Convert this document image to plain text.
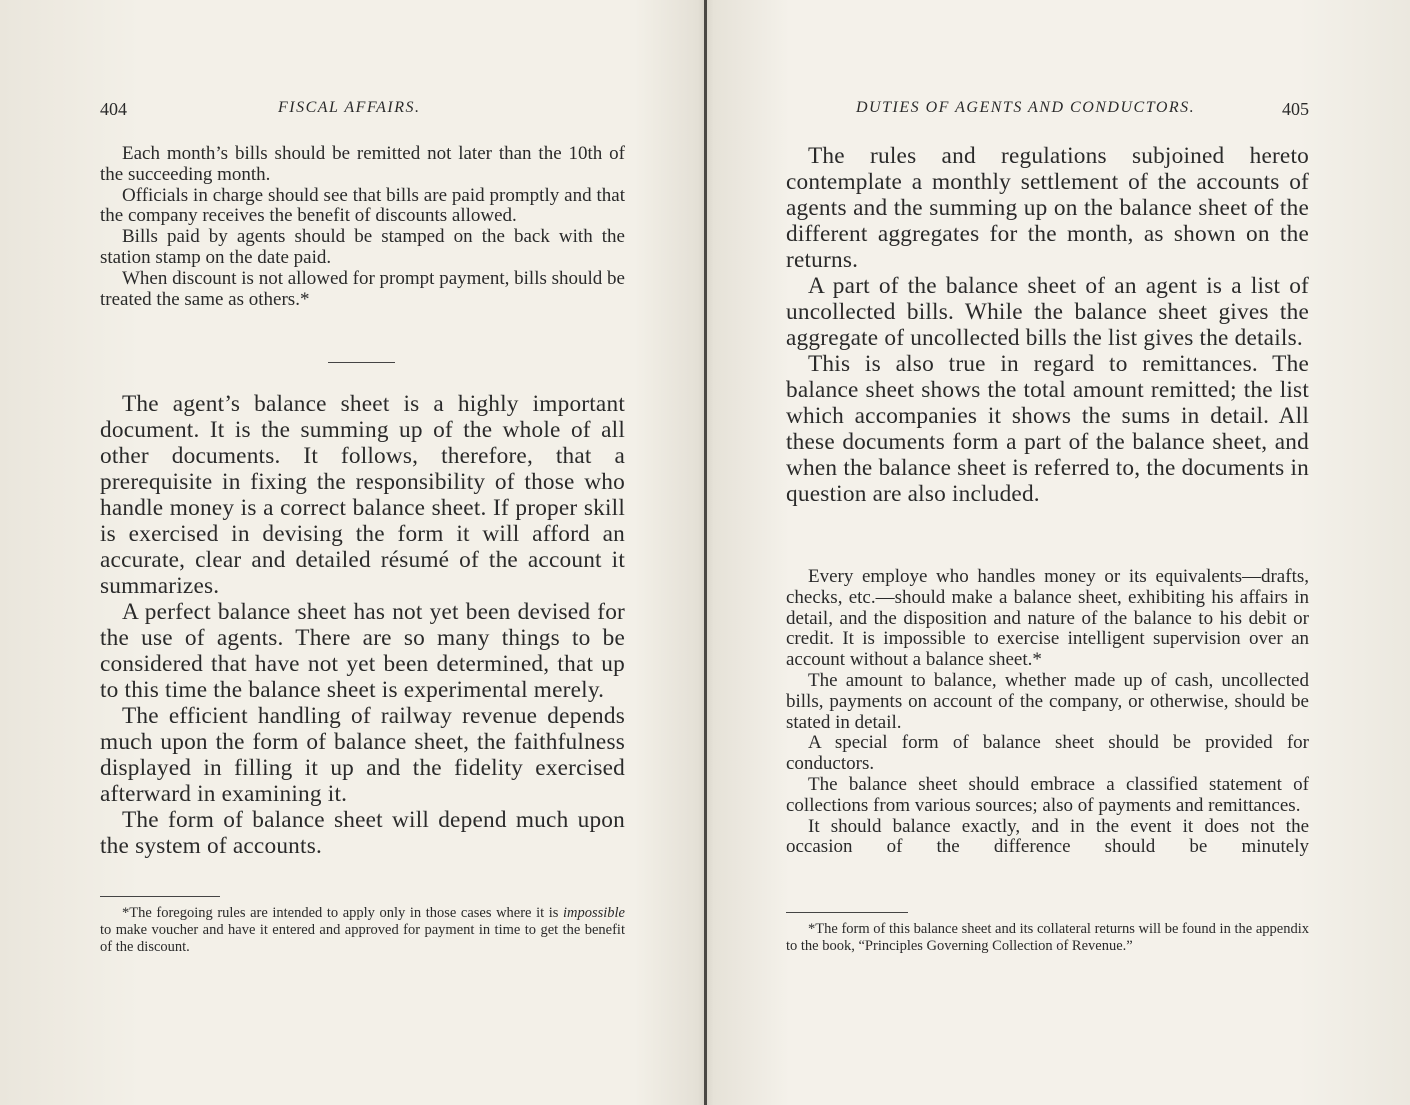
404	FISCAL AFFAIRS.

Each month’s bills should be remitted not later than the 10th of the succeeding month.

Officials in charge should see that bills are paid promptly and that the company receives the benefit of discounts allowed.

Bills paid by agents should be stamped on the back with the station stamp on the date paid.

When discount is not allowed for prompt payment, bills should be treated the same as others.*

The agent’s balance sheet is a highly important document. It is the summing up of the whole of all other documents. It follows, therefore, that a prerequisite in fixing the responsibility of those who handle money is a correct balance sheet. If proper skill is exercised in devising the form it will afford an accurate, clear and detailed résumé of the account it summarizes.

A perfect balance sheet has not yet been devised for the use of agents. There are so many things to be considered that have not yet been determined, that up to this time the balance sheet is experimental merely.

The efficient handling of railway revenue depends much upon the form of balance sheet, the faithfulness displayed in filling it up and the fidelity exercised afterward in examining it.

The form of balance sheet will depend much upon the system of accounts.

*The foregoing rules are intended to apply only in those cases where it is impossible to make voucher and have it entered and approved for payment in time to get the benefit of the discount.

DUTIES OF AGENTS AND CONDUCTORS.	405

The rules and regulations subjoined hereto contemplate a monthly settlement of the accounts of agents and the summing up on the balance sheet of the different aggregates for the month, as shown on the returns.

A part of the balance sheet of an agent is a list of uncollected bills. While the balance sheet gives the aggregate of uncollected bills the list gives the details.

This is also true in regard to remittances. The balance sheet shows the total amount remitted; the list which accompanies it shows the sums in detail. All these documents form a part of the balance sheet, and when the balance sheet is referred to, the documents in question are also included.

Every employe who handles money or its equivalents—drafts, checks, etc.—should make a balance sheet, exhibiting his affairs in detail, and the disposition and nature of the balance to his debit or credit. It is impossible to exercise intelligent supervision over an account without a balance sheet.*

The amount to balance, whether made up of cash, uncollected bills, payments on account of the company, or otherwise, should be stated in detail.

A special form of balance sheet should be provided for conductors.

The balance sheet should embrace a classified statement of collections from various sources; also of payments and remittances.

It should balance exactly, and in the event it does not the occasion of the difference should be minutely

*The form of this balance sheet and its collateral returns will be found in the appendix to the book, “Principles Governing Collection of Revenue.”
